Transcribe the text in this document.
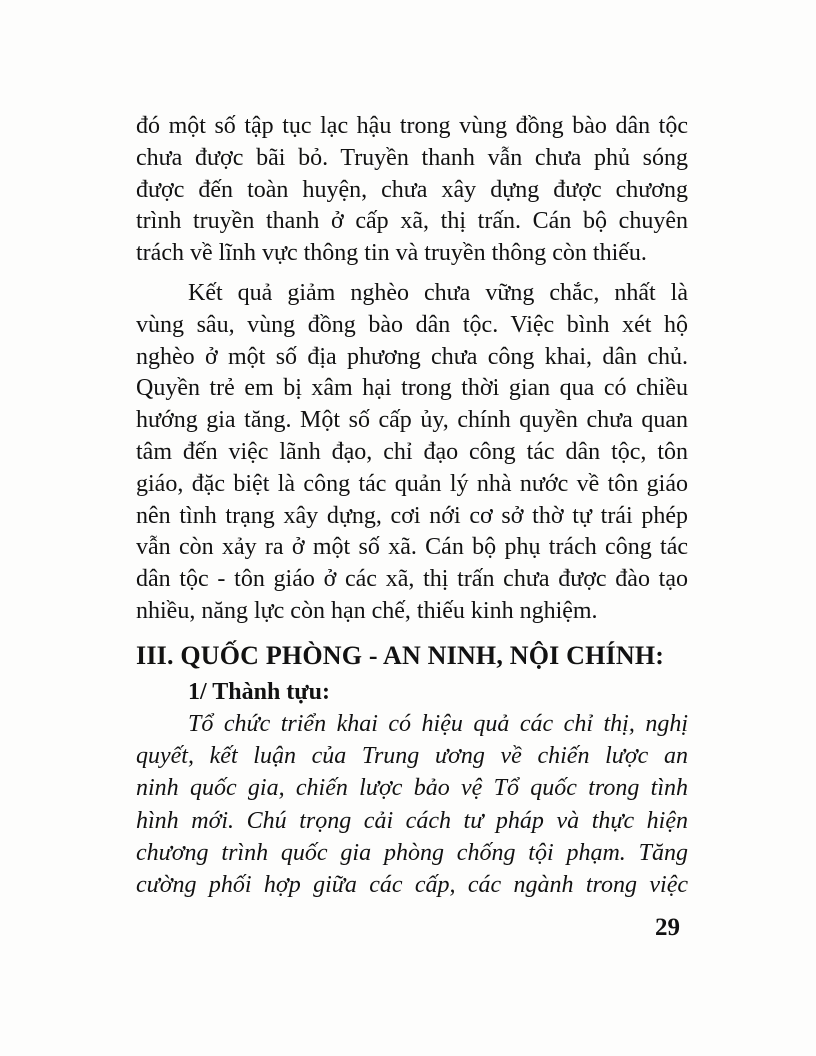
đó một số tập tục lạc hậu trong vùng đồng bào dân tộc
chưa được bãi bỏ. Truyền thanh vẫn chưa phủ sóng
được đến toàn huyện, chưa xây dựng được chương
trình truyền thanh ở cấp xã, thị trấn. Cán bộ chuyên
trách về lĩnh vực thông tin và truyền thông còn thiếu.
Kết quả giảm nghèo chưa vững chắc, nhất là
vùng sâu, vùng đồng bào dân tộc. Việc bình xét hộ
nghèo ở một số địa phương chưa công khai, dân chủ.
Quyền trẻ em bị xâm hại trong thời gian qua có chiều
hướng gia tăng. Một số cấp ủy, chính quyền chưa quan
tâm đến việc lãnh đạo, chỉ đạo công tác dân tộc, tôn
giáo, đặc biệt là công tác quản lý nhà nước về tôn giáo
nên tình trạng xây dựng, cơi nới cơ sở thờ tự trái phép
vẫn còn xảy ra ở một số xã. Cán bộ phụ trách công tác
dân tộc - tôn giáo ở các xã, thị trấn chưa được đào tạo
nhiều, năng lực còn hạn chế, thiếu kinh nghiệm.
III. QUỐC PHÒNG - AN NINH, NỘI CHÍNH:
1/ Thành tựu:
Tổ chức triển khai có hiệu quả các chỉ thị, nghị
quyết, kết luận của Trung ương về chiến lược an
ninh quốc gia, chiến lược bảo vệ Tổ quốc trong tình
hình mới. Chú trọng cải cách tư pháp và thực hiện
chương trình quốc gia phòng chống tội phạm. Tăng
cường phối hợp giữa các cấp, các ngành trong việc
29
